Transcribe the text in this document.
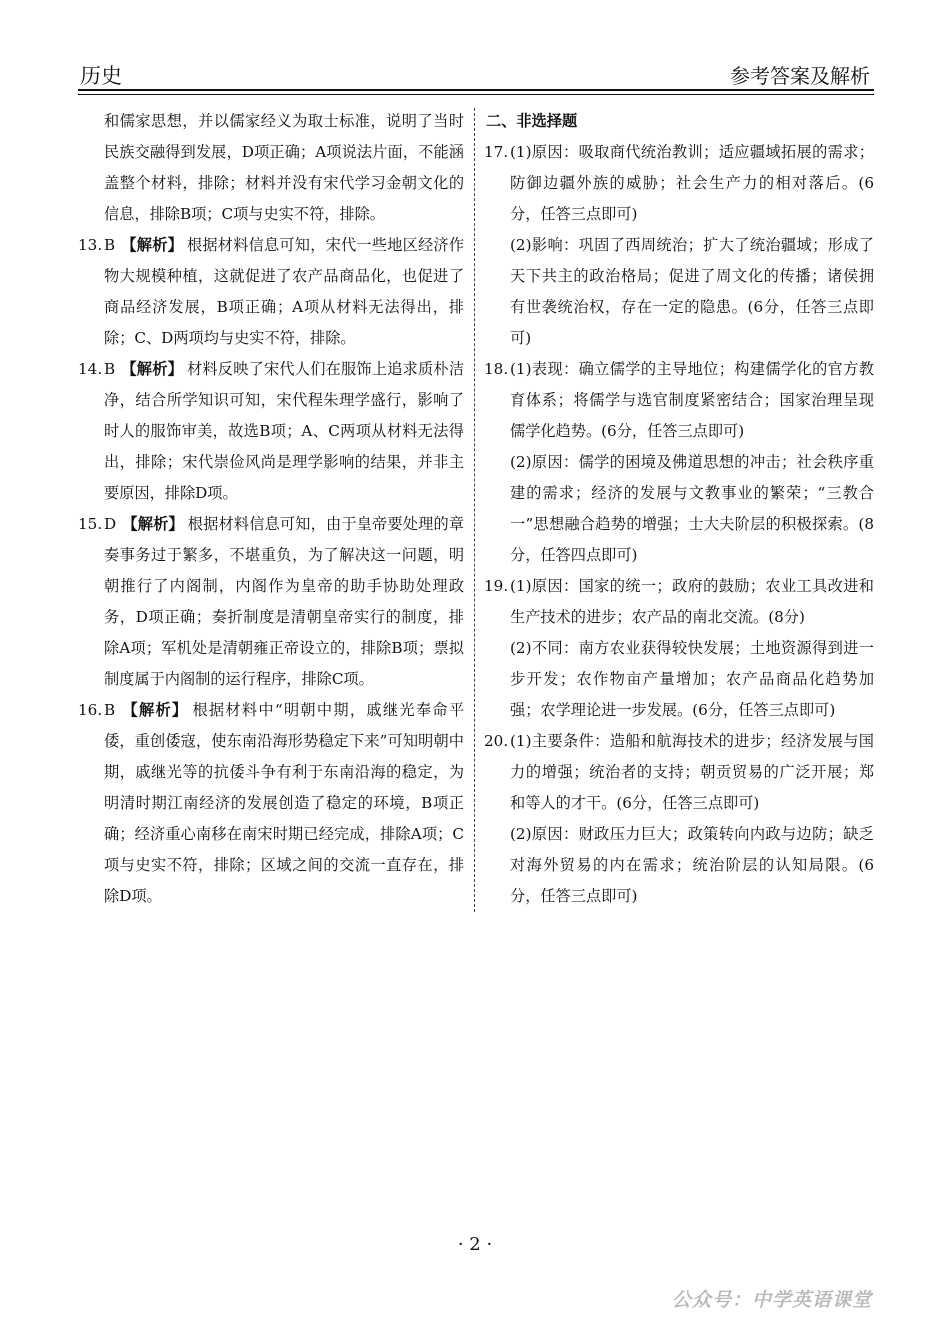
历史	参考答案及解析
和儒家思想，并以儒家经义为取士标准，说明了当时民族交融得到发展，D项正确；A项说法片面，不能涵盖整个材料，排除；材料并没有宋代学习金朝文化的信息，排除B项；C项与史实不符，排除。
13. B 【解析】 根据材料信息可知，宋代一些地区经济作物大规模种植，这就促进了农产品商品化，也促进了商品经济发展，B项正确；A项从材料无法得出，排除；C、D两项均与史实不符，排除。
14. B 【解析】 材料反映了宋代人们在服饰上追求质朴洁净，结合所学知识可知，宋代程朱理学盛行，影响了时人的服饰审美，故选B项；A、C两项从材料无法得出，排除；宋代崇俭风尚是理学影响的结果，并非主要原因，排除D项。
15. D 【解析】 根据材料信息可知，由于皇帝要处理的章奏事务过于繁多，不堪重负，为了解决这一问题，明朝推行了内阁制，内阁作为皇帝的助手协助处理政务，D项正确；奏折制度是清朝皇帝实行的制度，排除A项；军机处是清朝雍正帝设立的，排除B项；票拟制度属于内阁制的运行程序，排除C项。
16. B 【解析】 根据材料中“明朝中期，戚继光奉命平倭，重创倭寇，使东南沿海形势稳定下来”可知明朝中期，戚继光等的抗倭斗争有利于东南沿海的稳定，为明清时期江南经济的发展创造了稳定的环境，B项正确；经济重心南移在南宋时期已经完成，排除A项；C项与史实不符，排除；区域之间的交流一直存在，排除D项。
二、非选择题
17. (1)原因：吸取商代统治教训；适应疆域拓展的需求；防御边疆外族的威胁；社会生产力的相对落后。(6分，任答三点即可)
(2)影响：巩固了西周统治；扩大了统治疆域；形成了天下共主的政治格局；促进了周文化的传播；诸侯拥有世袭统治权，存在一定的隐患。(6分，任答三点即可)
18. (1)表现：确立儒学的主导地位；构建儒学化的官方教育体系；将儒学与选官制度紧密结合；国家治理呈现儒学化趋势。(6分，任答三点即可)
(2)原因：儒学的困境及佛道思想的冲击；社会秩序重建的需求；经济的发展与文教事业的繁荣；“三教合一”思想融合趋势的增强；士大夫阶层的积极探索。(8分，任答四点即可)
19. (1)原因：国家的统一；政府的鼓励；农业工具改进和生产技术的进步；农产品的南北交流。(8分)
(2)不同：南方农业获得较快发展；土地资源得到进一步开发；农作物亩产量增加；农产品商品化趋势加强；农学理论进一步发展。(6分，任答三点即可)
20. (1)主要条件：造船和航海技术的进步；经济发展与国力的增强；统治者的支持；朝贡贸易的广泛开展；郑和等人的才干。(6分，任答三点即可)
(2)原因：财政压力巨大；政策转向内政与边防；缺乏对海外贸易的内在需求；统治阶层的认知局限。(6分，任答三点即可)
· 2 ·
公众号：中学英语课堂
